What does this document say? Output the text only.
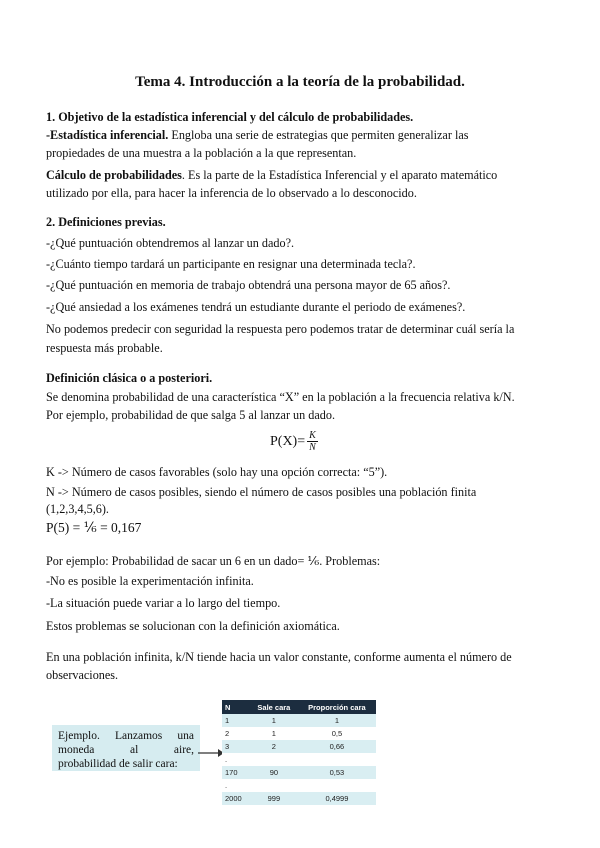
Tema 4. Introducción a la teoría de la probabilidad.
1. Objetivo de la estadística inferencial y del cálculo de probabilidades.
-Estadística inferencial. Engloba una serie de estrategias que permiten generalizar las
propiedades de una muestra a la población a la que representan.
Cálculo de probabilidades. Es la parte de la Estadística Inferencial y el aparato matemático
utilizado por ella, para hacer la inferencia de lo observado a lo desconocido.
2. Definiciones previas.
-¿Qué puntuación obtendremos al lanzar un dado?.
-¿Cuánto tiempo tardará un participante en resignar una determinada tecla?.
-¿Qué puntuación en memoria de trabajo obtendrá una persona mayor de 65 años?.
-¿Qué ansiedad a los exámenes tendrá un estudiante durante el periodo de exámenes?.
No podemos predecir con seguridad la respuesta pero podemos tratar de determinar cuál sería la
respuesta más probable.
Definición clásica o a posteriori.
Se denomina probabilidad de una característica “X” en la población a la frecuencia relativa k/N.
Por ejemplo, probabilidad de que salga 5 al lanzar un dado.
$P(X)= \frac{K}{N}$
K -> Número de casos favorables (solo hay una opción correcta: “5”).
N -> Número de casos posibles, siendo el número de casos posibles una población finita
(1,2,3,4,5,6).
P(5) = ⅙ = 0,167
Por ejemplo: Probabilidad de sacar un 6 en un dado= ⅙. Problemas:
-No es posible la experimentación infinita.
-La situación puede variar a lo largo del tiempo.
Estos problemas se solucionan con la definición axiomática.
En una población infinita, k/N tiende hacia un valor constante, conforme aumenta el número de
observaciones.
Ejemplo. Lanzamos una
moneda al aire,
probabilidad de salir cara:
N	Sale cara	Proporción cara
1	1	1
2	1	0,5
3	2	0,66
.		
170	90	0,53
.		
2000	999	0,4999
